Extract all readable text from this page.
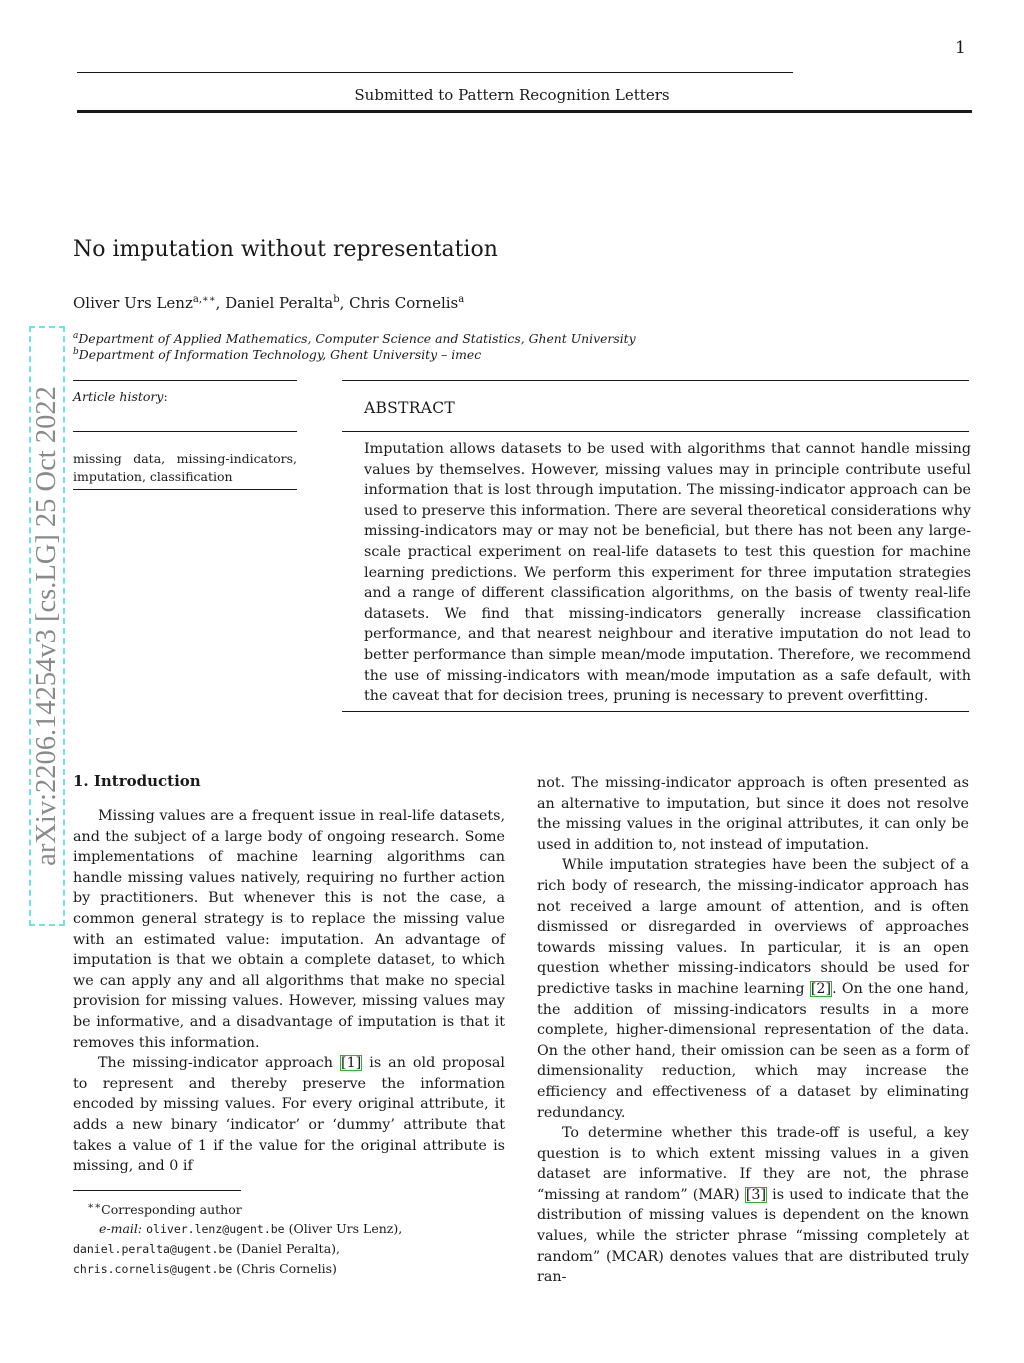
arXiv:2206.14254v3 [cs.LG] 25 Oct 2022
1
Submitted to Pattern Recognition Letters
No imputation without representation
Oliver Urs Lenz$^{a,∗∗}$, Daniel Peralta$^b$, Chris Cornelis$^a$
$^a$Department of Applied Mathematics, Computer Science and Statistics, Ghent University
$^b$Department of Information Technology, Ghent University – imec
Article history:
missing data, missing-indicators, imputation, classification
ABSTRACT
Imputation allows datasets to be used with algorithms that cannot handle missing values by themselves. However, missing values may in principle contribute useful information that is lost through imputation. The missing-indicator approach can be used to preserve this information. There are several theoretical considerations why missing-indicators may or may not be beneficial, but there has not been any large-scale practical experiment on real-life datasets to test this question for machine learning predictions. We perform this experiment for three imputation strategies and a range of different classification algorithms, on the basis of twenty real-life datasets. We find that missing-indicators generally increase classification performance, and that nearest neighbour and iterative imputation do not lead to better performance than simple mean/mode imputation. Therefore, we recommend the use of missing-indicators with mean/mode imputation as a safe default, with the caveat that for decision trees, pruning is necessary to prevent overfitting.
1. Introduction

Missing values are a frequent issue in real-life datasets, and the subject of a large body of ongoing research. Some implementations of machine learning algorithms can handle missing values natively, requiring no further action by practitioners. But whenever this is not the case, a common general strategy is to replace the missing value with an estimated value: imputation. An advantage of imputation is that we obtain a complete dataset, to which we can apply any and all algorithms that make no special provision for missing values. However, missing values may be informative, and a disadvantage of imputation is that it removes this information.

The missing-indicator approach [1] is an old proposal to represent and thereby preserve the information encoded by missing values. For every original attribute, it adds a new binary ‘indicator’ or ‘dummy’ attribute that takes a value of 1 if the value for the original attribute is missing, and 0 if

∗∗Corresponding author
e-mail: oliver.lenz@ugent.be (Oliver Urs Lenz),
daniel.peralta@ugent.be (Daniel Peralta),
chris.cornelis@ugent.be (Chris Cornelis)

not. The missing-indicator approach is often presented as an alternative to imputation, but since it does not resolve the missing values in the original attributes, it can only be used in addition to, not instead of imputation.

While imputation strategies have been the subject of a rich body of research, the missing-indicator approach has not received a large amount of attention, and is often dismissed or disregarded in overviews of approaches towards missing values. In particular, it is an open question whether missing-indicators should be used for predictive tasks in machine learning [2]. On the one hand, the addition of missing-indicators results in a more complete, higher-dimensional representation of the data. On the other hand, their omission can be seen as a form of dimensionality reduction, which may increase the efficiency and effectiveness of a dataset by eliminating redundancy.

To determine whether this trade-off is useful, a key question is to which extent missing values in a given dataset are informative. If they are not, the phrase “missing at random” (MAR) [3] is used to indicate that the distribution of missing values is dependent on the known values, while the stricter phrase “missing completely at random” (MCAR) denotes values that are distributed truly ran-
